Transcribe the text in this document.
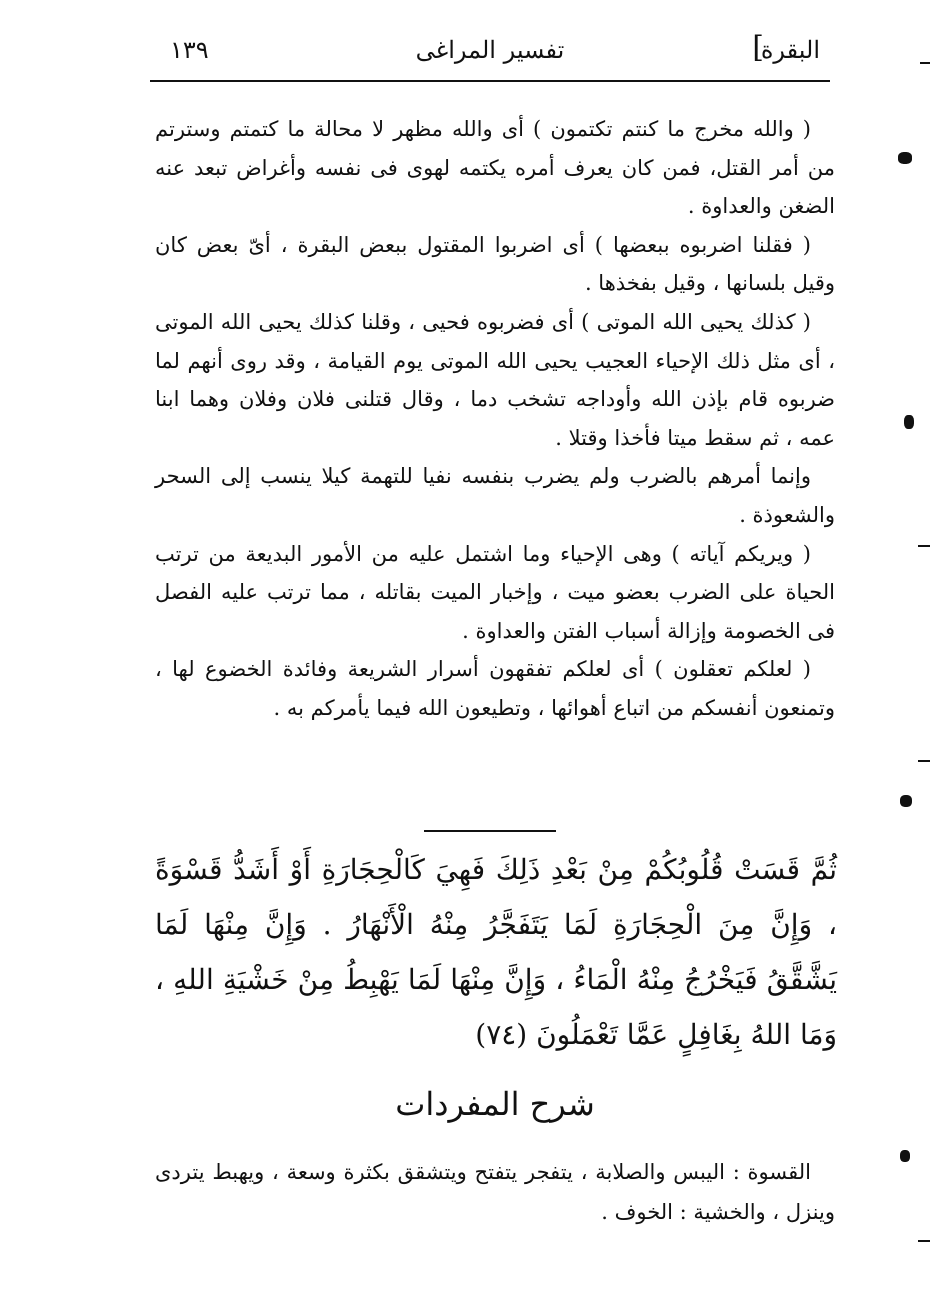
البقرة
]
تفسير المراغى
١٣٩

( والله مخرج ما كنتم تكتمون ) أى والله مظهر لا محالة ما كتمتم وسترتم من أمر القتل، فمن كان يعرف أمره يكتمه لهوى فى نفسه وأغراض تبعد عنه الضغن والعداوة .

( فقلنا اضربوه ببعضها ) أى اضربوا المقتول ببعض البقرة ، أىّ بعض كان وقيل بلسانها ، وقيل بفخذها .

( كذلك يحيى الله الموتى ) أى فضربوه فحيى ، وقلنا كذلك يحيى الله الموتى ، أى مثل ذلك الإحياء العجيب يحيى الله الموتى يوم القيامة ، وقد روى أنهم لما ضربوه قام بإذن الله وأوداجه تشخب دما ، وقال قتلنى فلان وفلان وهما ابنا عمه ، ثم سقط ميتا فأخذا وقتلا .

وإنما أمرهم بالضرب ولم يضرب بنفسه نفيا للتهمة كيلا ينسب إلى السحر والشعوذة .

( ويريكم آياته ) وهى الإحياء وما اشتمل عليه من الأمور البديعة من ترتب الحياة على الضرب بعضو ميت ، وإخبار الميت بقاتله ، مما ترتب عليه الفصل فى الخصومة وإزالة أسباب الفتن والعداوة .

( لعلكم تعقلون ) أى لعلكم تفقهون أسرار الشريعة وفائدة الخضوع لها ، وتمنعون أنفسكم من اتباع أهوائها ، وتطيعون الله فيما يأمركم به .

ثُمَّ قَسَتْ قُلُوبُكُمْ مِنْ بَعْدِ ذَلِكَ فَهِيَ كَالْحِجَارَةِ أَوْ أَشَدُّ قَسْوَةً ، وَإِنَّ مِنَ الْحِجَارَةِ لَمَا يَتَفَجَّرُ مِنْهُ الْأَنْهَارُ . وَإِنَّ مِنْهَا لَمَا يَشَّقَّقُ فَيَخْرُجُ مِنْهُ الْمَاءُ ، وَإِنَّ مِنْهَا لَمَا يَهْبِطُ مِنْ خَشْيَةِ اللهِ ، وَمَا اللهُ بِغَافِلٍ عَمَّا تَعْمَلُونَ (٧٤)
شرح المفردات
القسوة : اليبس والصلابة ، يتفجر يتفتح ويتشقق بكثرة وسعة ، ويهبط يتردى وينزل ، والخشية : الخوف .
